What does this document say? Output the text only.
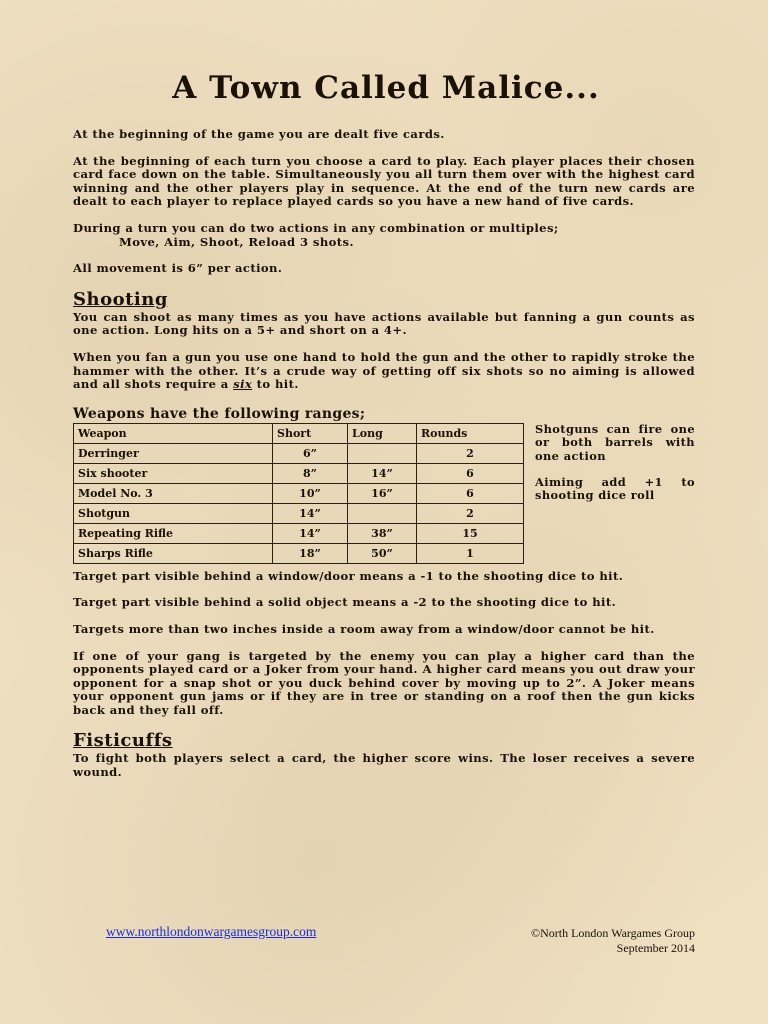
A Town Called Malice...

At the beginning of the game you are dealt five cards.

At the beginning of each turn you choose a card to play. Each player places their chosen card face down on the table. Simultaneously you all turn them over with the highest card winning and the other players play in sequence. At the end of the turn new cards are dealt to each player to replace played cards so you have a new hand of five cards.

During a turn you can do two actions in any combination or multiples;
Move, Aim, Shoot, Reload 3 shots.

All movement is 6” per action.

Shooting

You can shoot as many times as you have actions available but fanning a gun counts as one action. Long hits on a 5+ and short on a 4+.

When you fan a gun you use one hand to hold the gun and the other to rapidly stroke the hammer with the other. It’s a crude way of getting off six shots so no aiming is allowed and all shots require a six to hit.

Weapons have the following ranges;
Weapon	Short	Long	Rounds
Derringer	6”		2
Six shooter	8”	14”	6
Model No. 3	10”	16”	6
Shotgun	14”		2
Repeating Rifle	14”	38”	15
Sharps Rifle	18”	50”	1

Shotguns can fire one or both barrels with one action

Aiming add +1 to shooting dice roll

Target part visible behind a window/door means a -1 to the shooting dice to hit.

Target part visible behind a solid object means a -2 to the shooting dice to hit.

Targets more than two inches inside a room away from a window/door cannot be hit.

If one of your gang is targeted by the enemy you can play a higher card than the opponents played card or a Joker from your hand. A higher card means you out draw your opponent for a snap shot or you duck behind cover by moving up to 2”. A Joker means your opponent gun jams or if they are in tree or standing on a roof then the gun kicks back and they fall off.

Fisticuffs

To fight both players select a card, the higher score wins. The loser receives a severe wound.

www.northlondonwargamesgroup.com	©North London Wargames Group
September 2014
